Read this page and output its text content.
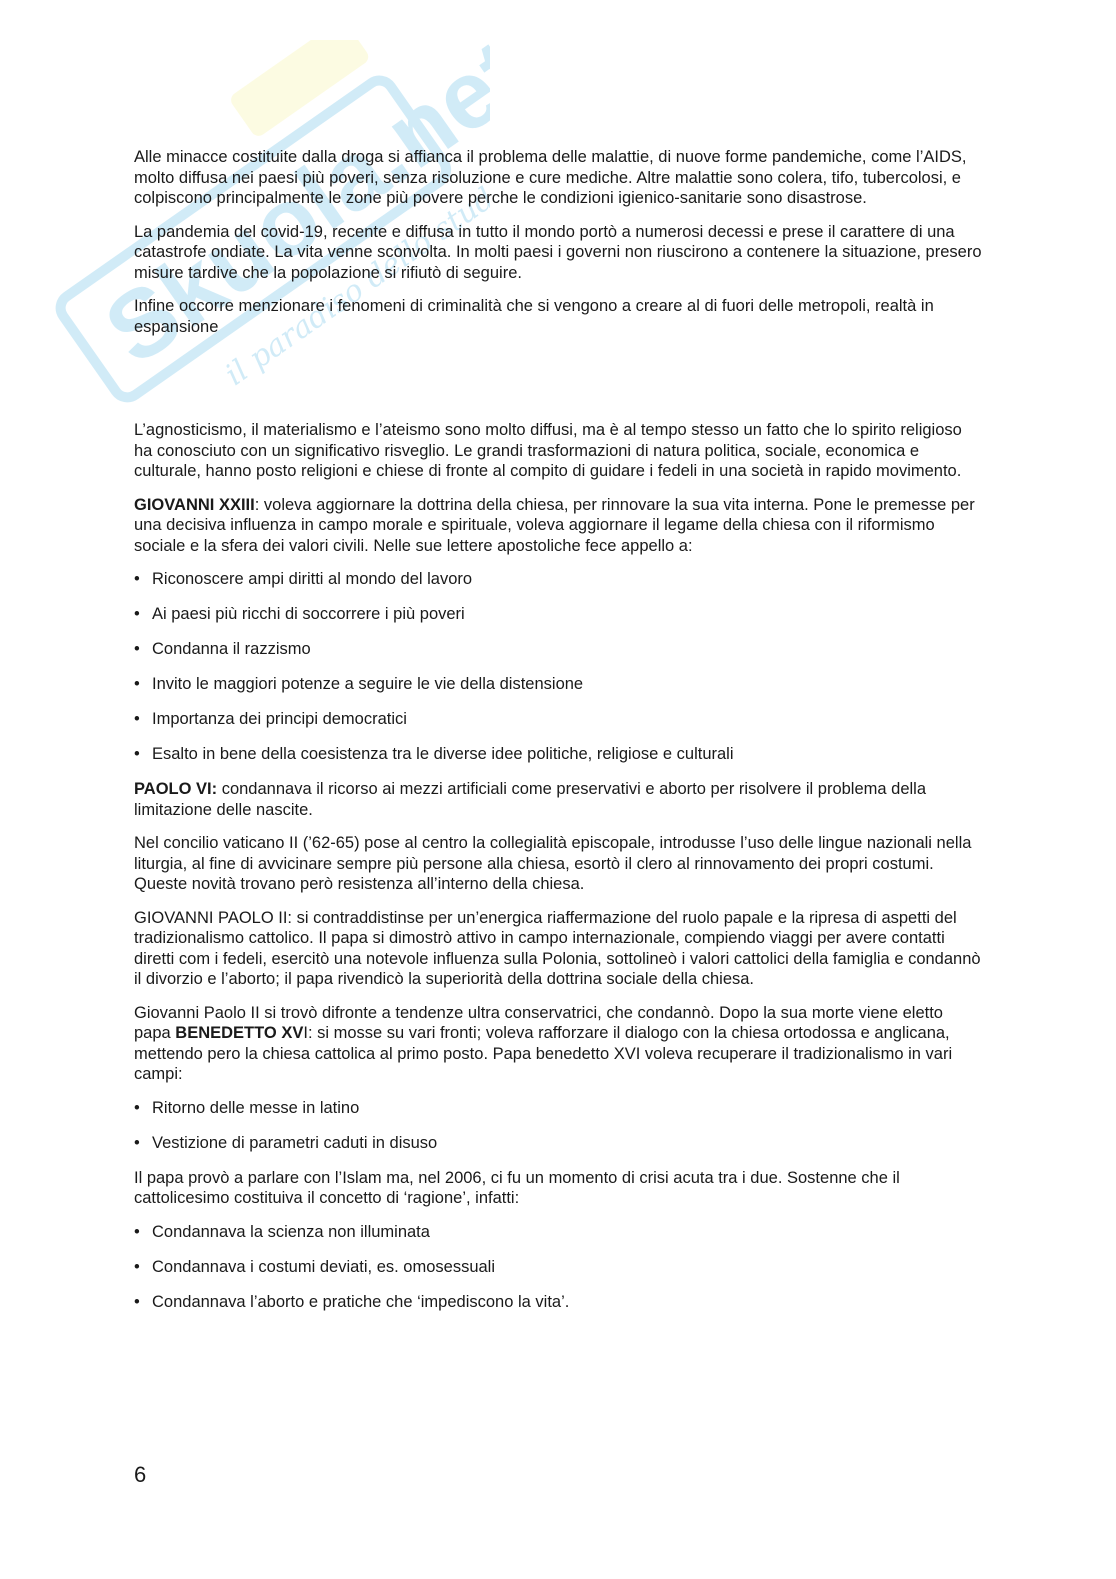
Skuola.net
il paradiso dello studente

Alle minacce costituite dalla droga si affianca il problema delle malattie, di nuove forme pandemiche, come l’AIDS, molto diffusa nei paesi più poveri, senza risoluzione e cure mediche. Altre malattie sono colera, tifo, tubercolosi, e colpiscono principalmente le zone più povere perche le condizioni igienico-sanitarie sono disastrose.

La pandemia del covid-19, recente e diffusa in tutto il mondo portò a numerosi decessi e prese il carattere di una catastrofe ondiate. La vita venne sconvolta. In molti paesi i governi non riuscirono a contenere la situazione, presero misure tardive che la popolazione si rifiutò di seguire.

Infine occorre menzionare i fenomeni di criminalità che si vengono a creare al di fuori delle metropoli, realtà in espansione

L’agnosticismo, il materialismo e l’ateismo sono molto diffusi, ma è al tempo stesso un fatto che lo spirito religioso ha conosciuto con un significativo risveglio. Le grandi trasformazioni di natura politica, sociale, economica e culturale, hanno posto religioni e chiese di fronte al compito di guidare i fedeli in una società in rapido movimento.

GIOVANNI XXIII: voleva aggiornare la dottrina della chiesa, per rinnovare la sua vita interna. Pone le premesse per una decisiva influenza in campo morale e spirituale, voleva aggiornare il legame della chiesa con il riformismo sociale e la sfera dei valori civili. Nelle sue lettere apostoliche fece appello a:

• Riconoscere ampi diritti al mondo del lavoro
• Ai paesi più ricchi di soccorrere i più poveri
• Condanna il razzismo
• Invito le maggiori potenze a seguire le vie della distensione
• Importanza dei principi democratici
• Esalto in bene della coesistenza tra le diverse idee politiche, religiose e culturali

PAOLO VI: condannava il ricorso ai mezzi artificiali come preservativi e aborto per risolvere il problema della limitazione delle nascite.

Nel concilio vaticano II (’62-65) pose al centro la collegialità episcopale, introdusse l’uso delle lingue nazionali nella liturgia, al fine di avvicinare sempre più persone alla chiesa, esortò il clero al rinnovamento dei propri costumi. Queste novità trovano però resistenza all’interno della chiesa.

GIOVANNI PAOLO II: si contraddistinse per un’energica riaffermazione del ruolo papale e la ripresa di aspetti del tradizionalismo cattolico. Il papa si dimostrò attivo in campo internazionale, compiendo viaggi per avere contatti diretti com i fedeli, esercitò una notevole influenza sulla Polonia, sottolineò i valori cattolici della famiglia e condannò il divorzio e l’aborto; il papa rivendicò la superiorità della dottrina sociale della chiesa.

Giovanni Paolo II si trovò difronte a tendenze ultra conservatrici, che condannò. Dopo la sua morte viene eletto papa BENEDETTO XVI: si mosse su vari fronti; voleva rafforzare il dialogo con la chiesa ortodossa e anglicana, mettendo pero la chiesa cattolica al primo posto. Papa benedetto XVI voleva recuperare il tradizionalismo in vari campi:

• Ritorno delle messe in latino
• Vestizione di parametri caduti in disuso

Il papa provò a parlare con l’Islam ma, nel 2006, ci fu un momento di crisi acuta tra i due. Sostenne che il cattolicesimo costituiva il concetto di ‘ragione’, infatti:

• Condannava la scienza non illuminata
• Condannava i costumi deviati, es. omosessuali
• Condannava l’aborto e pratiche che ‘impediscono la vita’.
6
